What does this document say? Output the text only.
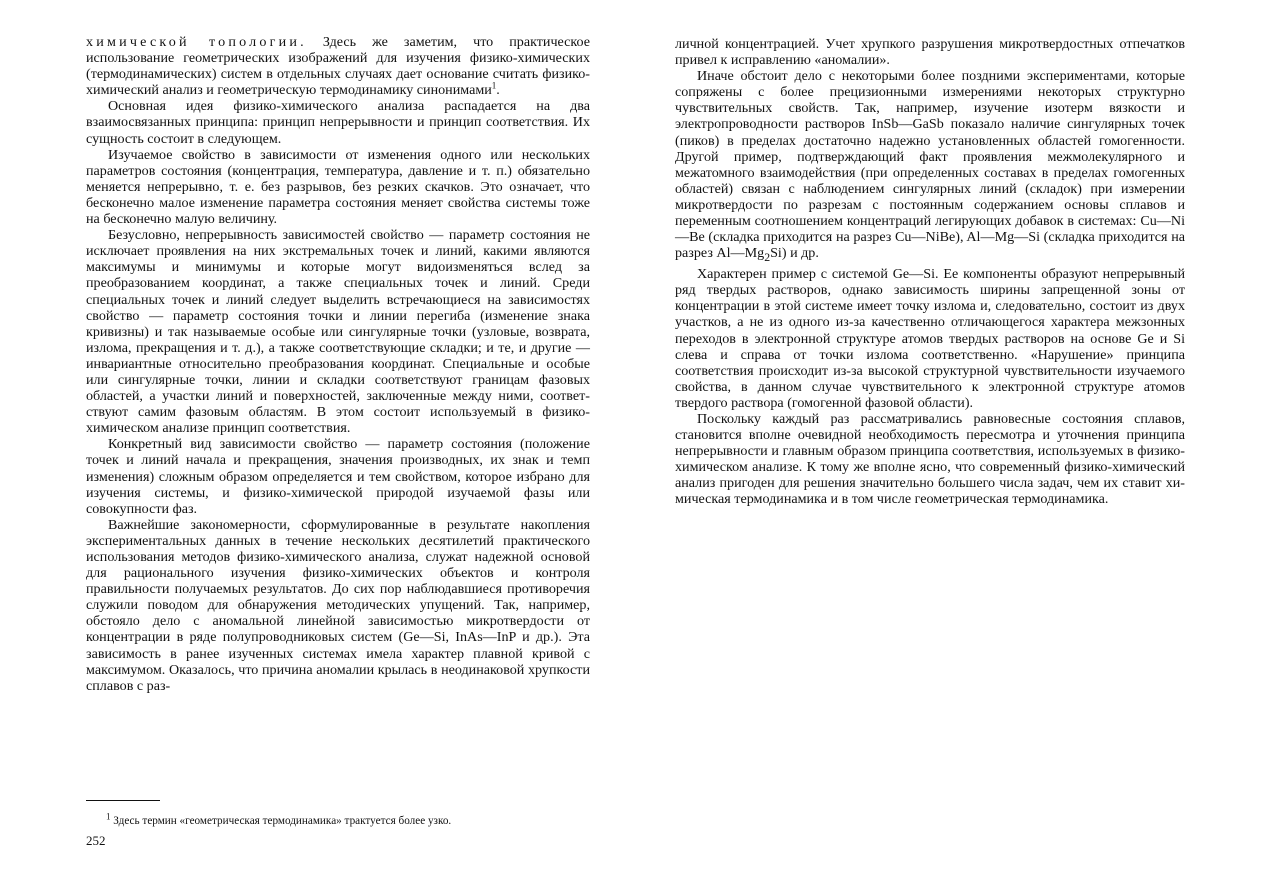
химической топологии. Здесь же заметим, что практическое использование геометрических изображений для изучения физико-химических (термодинамических) систем в отдельных случаях дает основание считать физико-химический анализ и геометрическую термодинамику синонимами$^1$.

Основная идея физико-химического анализа распадается на два взаимосвязанных принципа: принцип непрерывности и принцип соответствия. Их сущность состоит в следующем.

Изучаемое свойство в зависимости от изменения одного или нескольких параметров состояния (концентрация, температура, давление и т. п.) обязательно меняется непрерывно, т. е. без разрывов, без резких скачков. Это означает, что бесконечно малое изменение параметра состояния меняет свойства системы тоже на бесконечно малую величину.

Безусловно, непрерывность зависимостей свойство — параметр состояния не исключает проявления на них экстремальных точек и линий, какими являются максимумы и минимумы и которые могут видоизменяться вслед за преобразованием координат, а также специальных точек и линий. Среди специальных точек и линий следует выделить встречающиеся на зависимостях свойство — параметр состояния точки и линии перегиба (изменение знака кривизны) и так называемые особые или сингулярные точки (узловые, возврата, излома, прекращения и т. д.), а также соответствующие складки; и те, и другие — инвариантные относительно преобразования координат. Специальные и особые или сингулярные точки, линии и складки соответствуют границам фазовых областей, а участки линий и поверхностей, заключенные между ними, соответствуют самим фазовым областям. В этом состоит используемый в физико-химическом анализе принцип соответствия.

Конкретный вид зависимости свойство — параметр состояния (положение точек и линий начала и прекращения, значения производных, их знак и темп изменения) сложным образом определяется и тем свойством, которое избрано для изучения системы, и физико-химической природой изучаемой фазы или совокупности фаз.

Важнейшие закономерности, сформулированные в результате накопления экспериментальных данных в течение нескольких десятилетий практического использования методов физико-химического анализа, служат надежной основой для рационального изучения физико-химических объектов и контроля правильности получаемых результатов. До сих пор наблюдавшиеся противоречия служили поводом для обнаружения методических упущений. Так, например, обстояло дело с аномальной линейной зависимостью микротвердости от концентрации в ряде полупроводниковых систем (Ge—Si, InAs—InP и др.). Эта зависимость в ранее изученных системах имела характер плавной кривой с максимумом. Оказалось, что причина аномалии крылась в неодинаковой хрупкости сплавов с раз-

$^1$ Здесь термин «геометрическая термодинамика» трактуется более узко.

252

личной концентрацией. Учет хрупкого разрушения микротвердостных отпечатков привел к исправлению «аномалии».

Иначе обстоит дело с некоторыми более поздними экспериментами, которые сопряжены с более прецизионными измерениями некоторых структурно чувствительных свойств. Так, например, изучение изотерм вязкости и электропроводности растворов InSb—GaSb показало наличие сингулярных точек (пиков) в пределах достаточно надежно установленных областей гомогенности. Другой пример, подтверждающий факт проявления межмолекулярного и межатомного взаимодействия (при определенных составах в пределах гомогенных областей) связан с наблюдением сингулярных линий (складок) при измерении микротвердости по разрезам с постоянным содержанием основы сплавов и переменным соотношением концентраций легирующих добавок в системах: Cu—Ni—Be (складка приходится на разрез Cu—NiBe), Al—Mg—Si (складка приходится на разрез $Al—Mg_2Si$) и др.

Характерен пример с системой Ge—Si. Ее компоненты образуют непрерывный ряд твердых растворов, однако зависимость ширины запрещенной зоны от концентрации в этой системе имеет точку излома и, следовательно, состоит из двух участков, а не из одного из-за качественно отличающегося характера межзонных переходов в электронной структуре атомов твердых растворов на основе Ge и Si слева и справа от точки излома соответственно. «Нарушение» принципа соответствия происходит из-за высокой структурной чувствительности изучаемого свойства, в данном случае чувствительного к электронной структуре атомов твердого раствора (гомогенной фазовой области).

Поскольку каждый раз рассматривались равновесные состояния сплавов, становится вполне очевидной необходимость пересмотра и уточнения принципа непрерывности и главным образом принципа соответствия, используемых в физико-химическом анализе. К тому же вполне ясно, что современный физико-химический анализ пригоден для решения значительно большего числа задач, чем их ставит химическая термодинамика и в том числе геометрическая термодинамика.
